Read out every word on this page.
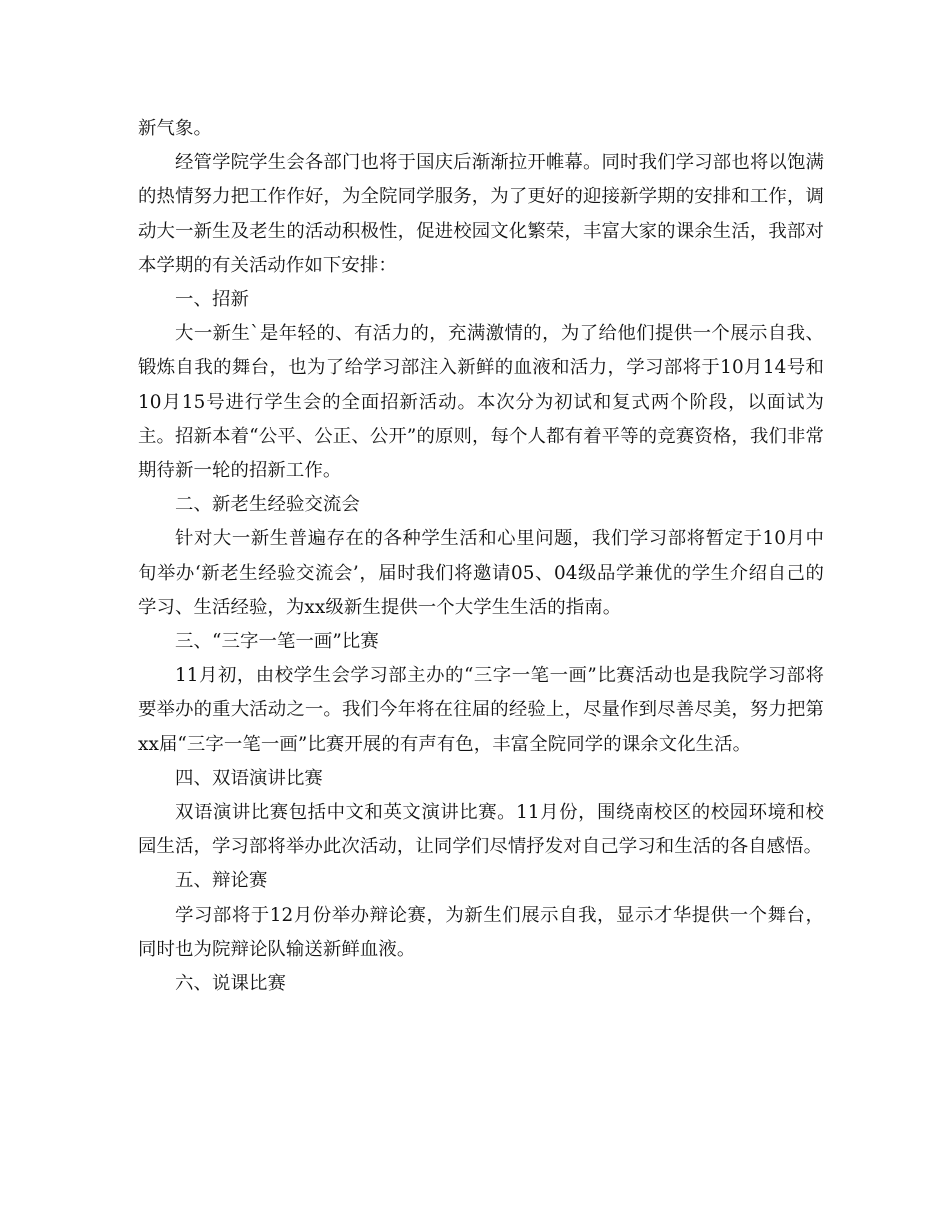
新气象。

经管学院学生会各部门也将于国庆后渐渐拉开帷幕。同时我们学习部也将以饱满的热情努力把工作作好，为全院同学服务，为了更好的迎接新学期的安排和工作，调动大一新生及老生的活动积极性，促进校园文化繁荣，丰富大家的课余生活，我部对本学期的有关活动作如下安排：

一、招新

大一新生`是年轻的、有活力的，充满激情的，为了给他们提供一个展示自我、锻炼自我的舞台，也为了给学习部注入新鲜的血液和活力，学习部将于10月14号和10月15号进行学生会的全面招新活动。本次分为初试和复式两个阶段，以面试为主。招新本着“公平、公正、公开”的原则，每个人都有着平等的竞赛资格，我们非常期待新一轮的招新工作。

二、新老生经验交流会

针对大一新生普遍存在的各种学生活和心里问题，我们学习部将暂定于10月中旬举办‘新老生经验交流会’，届时我们将邀请05、04级品学兼优的学生介绍自己的学习、生活经验，为xx级新生提供一个大学生生活的指南。

三、“三字一笔一画”比赛

11月初，由校学生会学习部主办的“三字一笔一画”比赛活动也是我院学习部将要举办的重大活动之一。我们今年将在往届的经验上，尽量作到尽善尽美，努力把第xx届“三字一笔一画”比赛开展的有声有色，丰富全院同学的课余文化生活。

四、双语演讲比赛

双语演讲比赛包括中文和英文演讲比赛。11月份，围绕南校区的校园环境和校园生活，学习部将举办此次活动，让同学们尽情抒发对自己学习和生活的各自感悟。

五、辩论赛

学习部将于12月份举办辩论赛，为新生们展示自我，显示才华提供一个舞台，同时也为院辩论队输送新鲜血液。

六、说课比赛
